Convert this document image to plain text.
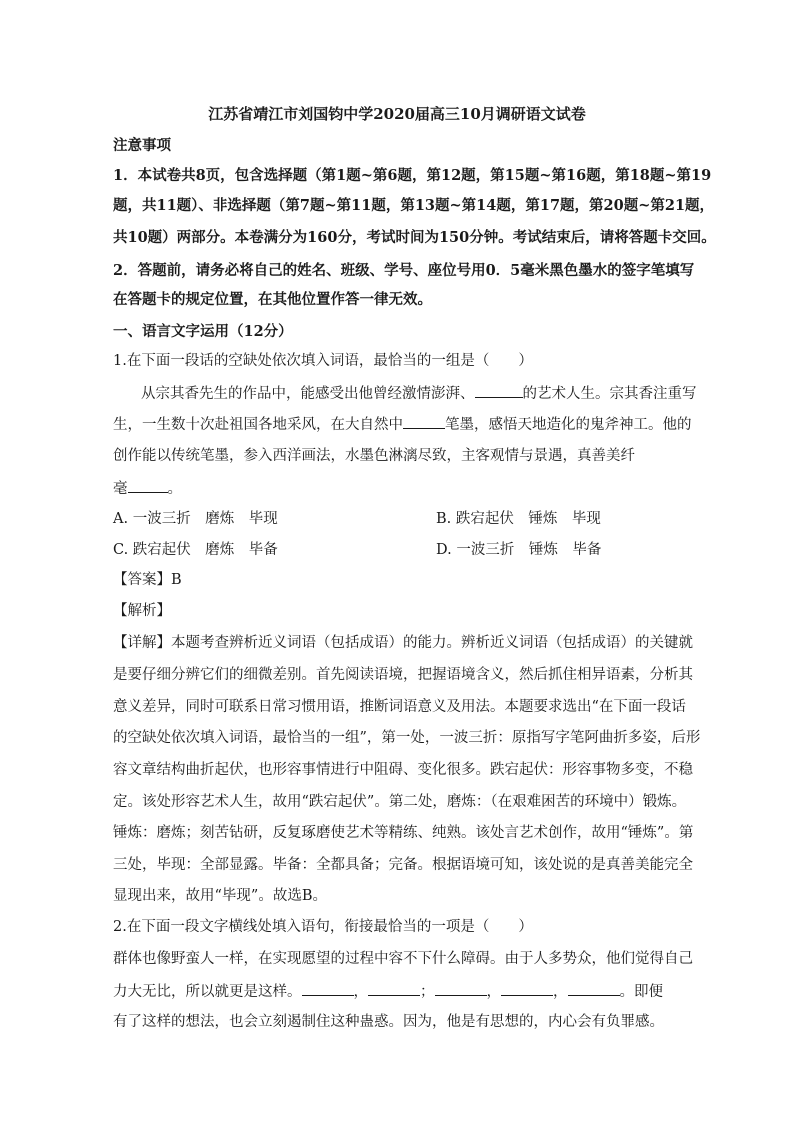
江苏省靖江市刘国钧中学2020届高三10月调研语文试卷
注意事项
1．本试卷共8页，包含选择题（第1题~第6题，第12题，第15题~第16题，第18题~第19
题，共11题）、非选择题（第7题~第11题，第13题~第14题，第17题，第20题~第21题，
共10题）两部分。本卷满分为160分，考试时间为150分钟。考试结束后，请将答题卡交回。
2．答题前，请务必将自己的姓名、班级、学号、座位号用0．5毫米黑色墨水的签字笔填写
在答题卡的规定位置，在其他位置作答一律无效。
一、语言文字运用（12分）
1.在下面一段话的空缺处依次填入词语，最恰当的一组是（　　）
从宗其香先生的作品中，能感受出他曾经激情澎湃、	的艺术人生。宗其香注重写
生，一生数十次赴祖国各地采风，在大自然中	笔墨，感悟天地造化的鬼斧神工。他的
创作能以传统笔墨，参入西洋画法，水墨色淋漓尽致，主客观情与景遇，真善美纤
毫	。
A. 一波三折　磨炼　毕现	B. 跌宕起伏　锤炼　毕现
C. 跌宕起伏　磨炼　毕备	D. 一波三折　锤炼　毕备
【答案】B
【解析】
【详解】本题考查辨析近义词语（包括成语）的能力。辨析近义词语（包括成语）的关键就
是要仔细分辨它们的细微差别。首先阅读语境，把握语境含义，然后抓住相异语素，分析其
意义差异，同时可联系日常习惯用语，推断词语意义及用法。本题要求选出“在下面一段话
的空缺处依次填入词语，最恰当的一组”，第一处，一波三折：原指写字笔阿曲折多姿，后形
容文章结构曲折起伏，也形容事情进行中阻碍、变化很多。跌宕起伏：形容事物多变，不稳
定。该处形容艺术人生，故用“跌宕起伏”。第二处，磨炼：（在艰难困苦的环境中）锻炼。
锤炼：磨炼；刻苦钻研，反复琢磨使艺术等精练、纯熟。该处言艺术创作，故用“锤炼”。第
三处，毕现：全部显露。毕备：全都具备；完备。根据语境可知，该处说的是真善美能完全
显现出来，故用“毕现”。故选B。
2.在下面一段文字横线处填入语句，衔接最恰当的一项是（　　）
群体也像野蛮人一样，在实现愿望的过程中容不下什么障碍。由于人多势众，他们觉得自己
力大无比，所以就更是这样。	，	；	，	，	。即便
有了这样的想法，也会立刻遏制住这种蛊惑。因为，他是有思想的，内心会有负罪感。
